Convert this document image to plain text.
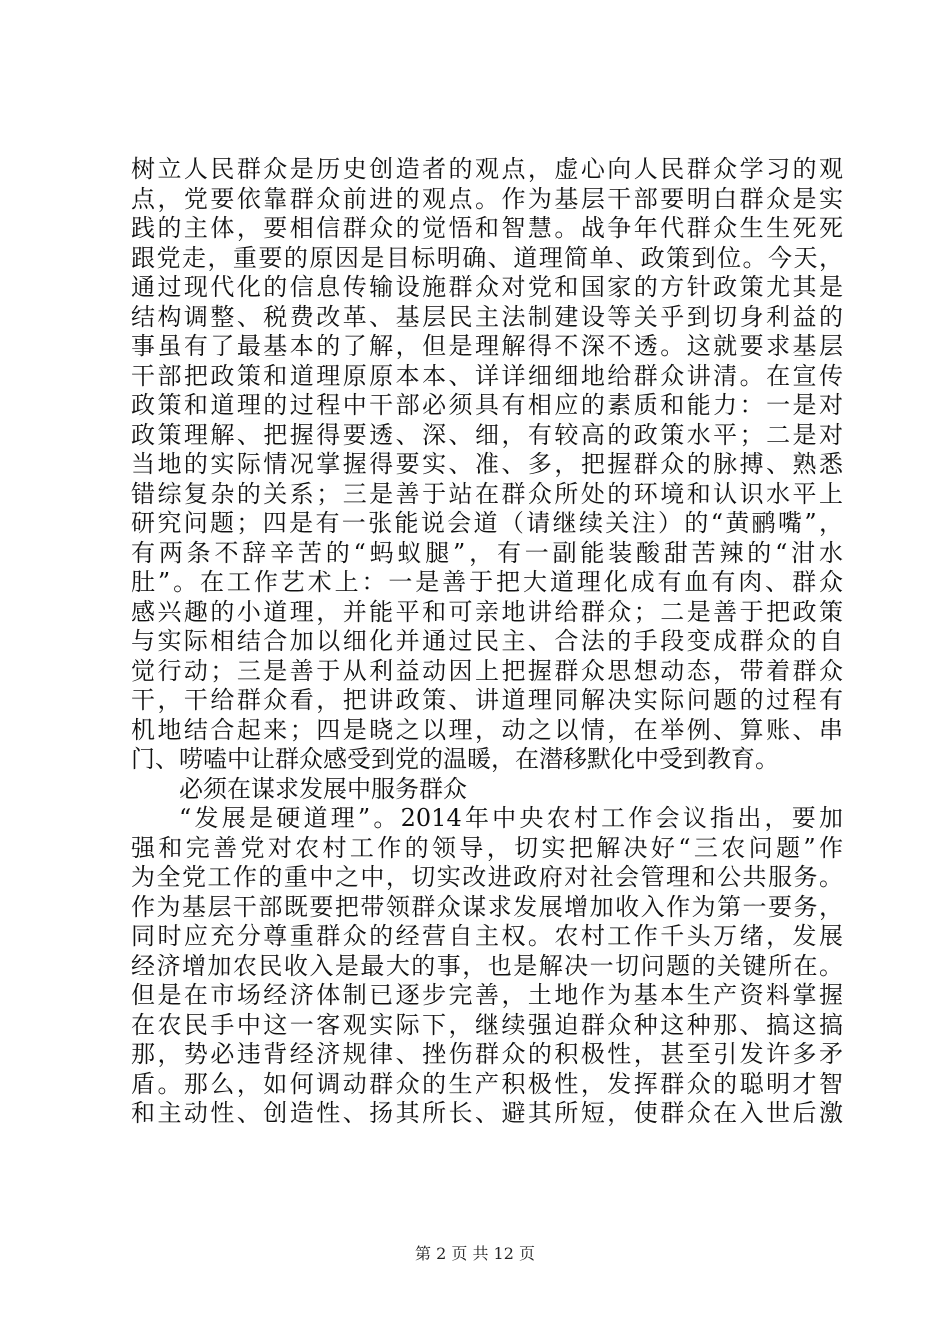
树立人民群众是历史创造者的观点，虚心向人民群众学习的观
点，党要依靠群众前进的观点。作为基层干部要明白群众是实
践的主体，要相信群众的觉悟和智慧。战争年代群众生生死死
跟党走，重要的原因是目标明确、道理简单、政策到位。今天，
通过现代化的信息传输设施群众对党和国家的方针政策尤其是
结构调整、税费改革、基层民主法制建设等关乎到切身利益的
事虽有了最基本的了解，但是理解得不深不透。这就要求基层
干部把政策和道理原原本本、详详细细地给群众讲清。在宣传
政策和道理的过程中干部必须具有相应的素质和能力：一是对
政策理解、把握得要透、深、细，有较高的政策水平；二是对
当地的实际情况掌握得要实、准、多，把握群众的脉搏、熟悉
错综复杂的关系；三是善于站在群众所处的环境和认识水平上
研究问题；四是有一张能说会道（请继续关注）的“黄鹂嘴”，
有两条不辞辛苦的“蚂蚁腿”，有一副能装酸甜苦辣的“泔水
肚”。在工作艺术上：一是善于把大道理化成有血有肉、群众
感兴趣的小道理，并能平和可亲地讲给群众；二是善于把政策
与实际相结合加以细化并通过民主、合法的手段变成群众的自
觉行动；三是善于从利益动因上把握群众思想动态，带着群众
干，干给群众看，把讲政策、讲道理同解决实际问题的过程有
机地结合起来；四是晓之以理，动之以情，在举例、算账、串
门、唠嗑中让群众感受到党的温暖，在潜移默化中受到教育。
必须在谋求发展中服务群众
“发展是硬道理”。2014年中央农村工作会议指出，要加
强和完善党对农村工作的领导，切实把解决好“三农问题”作
为全党工作的重中之中，切实改进政府对社会管理和公共服务。
作为基层干部既要把带领群众谋求发展增加收入作为第一要务，
同时应充分尊重群众的经营自主权。农村工作千头万绪，发展
经济增加农民收入是最大的事，也是解决一切问题的关键所在。
但是在市场经济体制已逐步完善，土地作为基本生产资料掌握
在农民手中这一客观实际下，继续强迫群众种这种那、搞这搞
那，势必违背经济规律、挫伤群众的积极性，甚至引发许多矛
盾。那么，如何调动群众的生产积极性，发挥群众的聪明才智
和主动性、创造性、扬其所长、避其所短，使群众在入世后激
第 2 页 共 12 页
